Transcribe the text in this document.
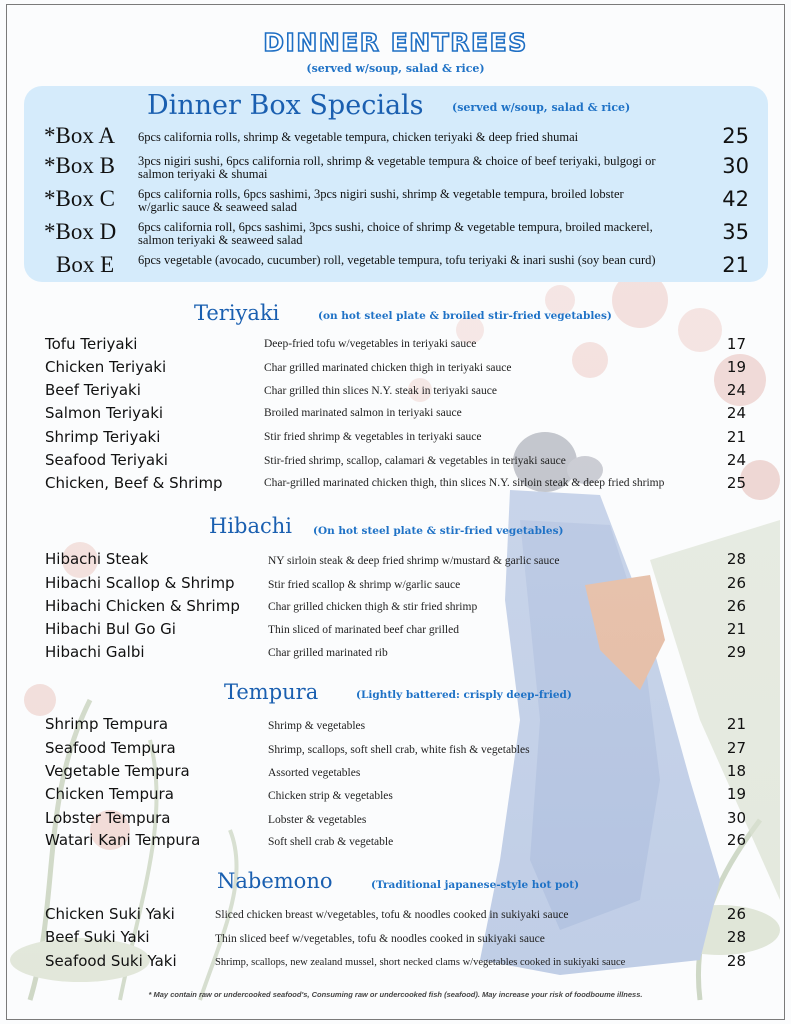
DINNER ENTREES
(served w/soup, salad & rice)
Dinner Box Specials	(served w/soup, salad & rice)
*Box A 6pcs california rolls, shrimp & vegetable tempura, chicken teriyaki & deep fried shumai	25
*Box B 3pcs nigiri sushi, 6pcs california roll, shrimp & vegetable tempura & choice of beef teriyaki, bulgogi or salmon teriyaki & shumai	30
*Box C 6pcs california rolls, 6pcs sashimi, 3pcs nigiri sushi, shrimp & vegetable tempura, broiled lobster w/garlic sauce & seaweed salad	42
*Box D 6pcs california roll, 6pcs sashimi, 3pcs sushi, choice of shrimp & vegetable tempura, broiled mackerel, salmon teriyaki & seaweed salad	35
Box E 6pcs vegetable (avocado, cucumber) roll, vegetable tempura, tofu teriyaki & inari sushi (soy bean curd)	21
Teriyaki	(on hot steel plate & broiled stir-fried vegetables)
Tofu Teriyaki	Deep-fried tofu w/vegetables in teriyaki sauce	17
Chicken Teriyaki	Char grilled marinated chicken thigh in teriyaki sauce	19
Beef Teriyaki	Char grilled thin slices N.Y. steak in teriyaki sauce	24
Salmon Teriyaki	Broiled marinated salmon in teriyaki sauce	24
Shrimp Teriyaki	Stir fried shrimp & vegetables in teriyaki sauce	21
Seafood Teriyaki	Stir-fried shrimp, scallop, calamari & vegetables in teriyaki sauce	24
Chicken, Beef & Shrimp	Char-grilled marinated chicken thigh, thin slices N.Y. sirloin steak & deep fried shrimp	25
Hibachi (On hot steel plate & stir-fried vegetables)
Hibachi Steak	NY sirloin steak & deep fried shrimp w/mustard & garlic sauce	28
Hibachi Scallop & Shrimp	Stir fried scallop & shrimp w/garlic sauce	26
Hibachi Chicken & Shrimp Char grilled chicken thigh & stir fried shrimp	26
Hibachi Bul Go Gi	Thin sliced of marinated beef char grilled	21
Hibachi Galbi	Char grilled marinated rib	29
Tempura	(Lightly battered: crisply deep-fried)
Shrimp Tempura	Shrimp & vegetables	21
Seafood Tempura	Shrimp, scallops, soft shell crab, white fish & vegetables	27
Vegetable Tempura	Assorted vegetables	18
Chicken Tempura	Chicken strip & vegetables	19
Lobster Tempura	Lobster & vegetables	30
Watari Kani Tempura	Soft shell crab & vegetable	26
Nabemono	(Traditional japanese-style hot pot)
Chicken Suki Yaki	Sliced chicken breast w/vegetables, tofu & noodles cooked in sukiyaki sauce	26
Beef Suki Yaki	Thin sliced beef w/vegetables, tofu & noodles cooked in sukiyaki sauce	28
Seafood Suki Yaki	Shrimp, scallops, new zealand mussel, short necked clams w/vegetables cooked in sukiyaki sauce	28
* May contain raw or undercooked seafood's, Consuming raw or undercooked fish (seafood). May increase your risk of foodboume illness.
